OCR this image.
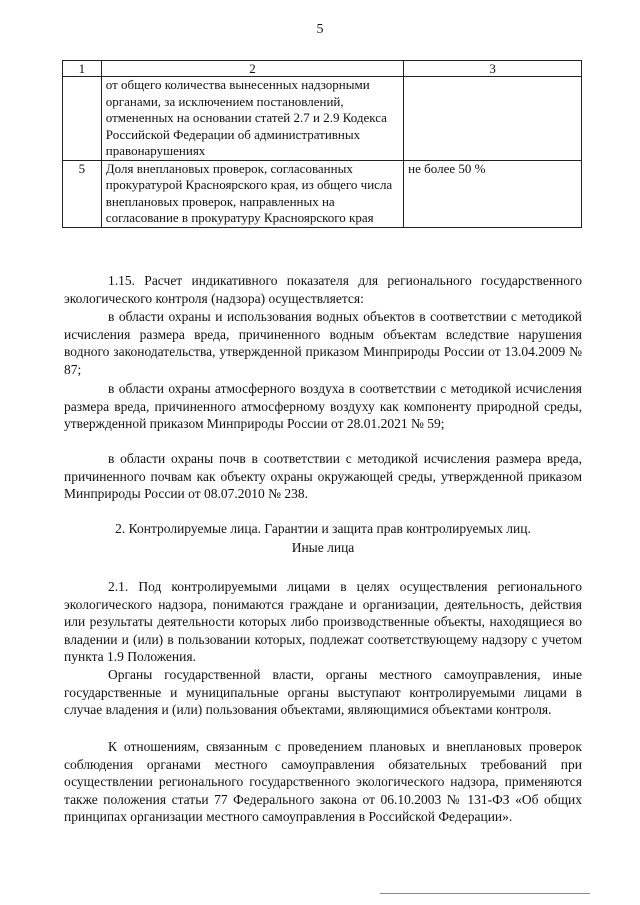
5
1	2	3
	от общего количества вынесенных надзорными органами, за исключением постановлений, отмененных на основании статей 2.7 и 2.9 Кодекса Российской Федерации об административных правонарушениях	
5	Доля внеплановых проверок, согласованных прокуратурой Красноярского края, из общего числа внеплановых проверок, направленных на согласование в прокуратуру Красноярского края	не более 50 %

1.15. Расчет индикативного показателя для регионального государственного экологического контроля (надзора) осуществляется:

в области охраны и использования водных объектов в соответствии с методикой исчисления размера вреда, причиненного водным объектам вследствие нарушения водного законодательства, утвержденной приказом Минприроды России от 13.04.2009 № 87;

в области охраны атмосферного воздуха в соответствии с методикой исчисления размера вреда, причиненного атмосферному воздуху как компоненту природной среды, утвержденной приказом Минприроды России от 28.01.2021 № 59;

в области охраны почв в соответствии с методикой исчисления размера вреда, причиненного почвам как объекту охраны окружающей среды, утвержденной приказом Минприроды России от 08.07.2010 № 238.

2. Контролируемые лица. Гарантии и защита прав контролируемых лиц.

Иные лица

2.1. Под контролируемыми лицами в целях осуществления регионального экологического надзора, понимаются граждане и организации, деятельность, действия или результаты деятельности которых либо производственные объекты, находящиеся во владении и (или) в пользовании которых, подлежат соответствующему надзору с учетом пункта 1.9 Положения.

Органы государственной власти, органы местного самоуправления, иные государственные и муниципальные органы выступают контролируемыми лицами в случае владения и (или) пользования объектами, являющимися объектами контроля.

К отношениям, связанным с проведением плановых и внеплановых проверок соблюдения органами местного самоуправления обязательных требований при осуществлении регионального государственного экологического надзора, применяются также положения статьи 77 Федерального закона от 06.10.2003 № 131-ФЗ «Об общих принципах организации местного самоуправления в Российской Федерации».
